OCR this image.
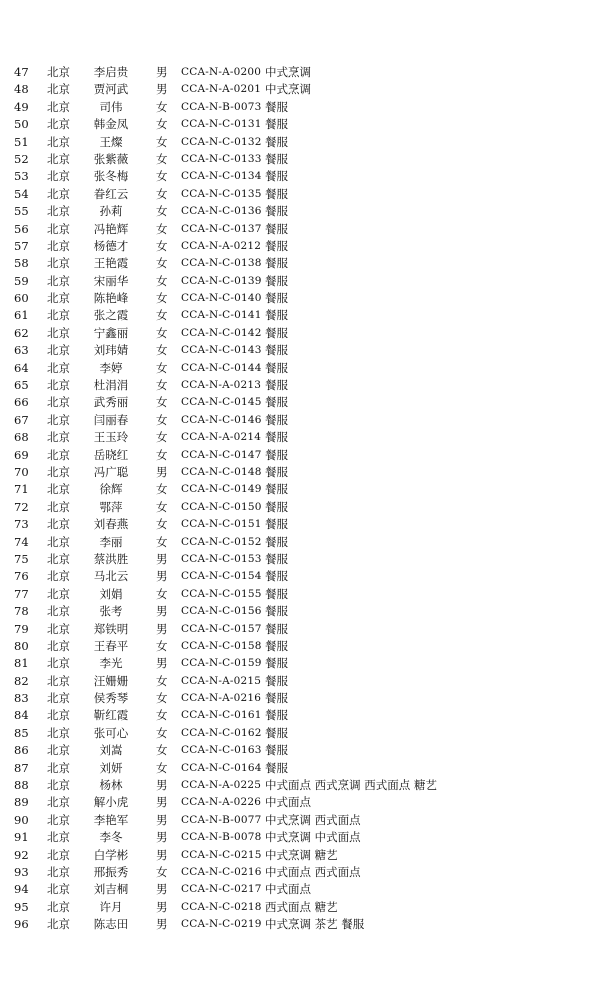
47	北京	李启贵	男	CCA-N-A-0200 中式烹调
48	北京	贾河武	男	CCA-N-A-0201 中式烹调
49	北京	司伟	女	CCA-N-B-0073 餐服
50	北京	韩金凤	女	CCA-N-C-0131 餐服
51	北京	王燦	女	CCA-N-C-0132 餐服
52	北京	张紫薇	女	CCA-N-C-0133 餐服
53	北京	张冬梅	女	CCA-N-C-0134 餐服
54	北京	眷红云	女	CCA-N-C-0135 餐服
55	北京	孙莉	女	CCA-N-C-0136 餐服
56	北京	冯艳辉	女	CCA-N-C-0137 餐服
57	北京	杨德才	女	CCA-N-A-0212 餐服
58	北京	王艳霞	女	CCA-N-C-0138 餐服
59	北京	宋丽华	女	CCA-N-C-0139 餐服
60	北京	陈艳峰	女	CCA-N-C-0140 餐服
61	北京	张之霞	女	CCA-N-C-0141 餐服
62	北京	宁鑫丽	女	CCA-N-C-0142 餐服
63	北京	刘玮婧	女	CCA-N-C-0143 餐服
64	北京	李婷	女	CCA-N-C-0144 餐服
65	北京	杜涓涓	女	CCA-N-A-0213 餐服
66	北京	武秀丽	女	CCA-N-C-0145 餐服
67	北京	闫丽春	女	CCA-N-C-0146 餐服
68	北京	王玉玲	女	CCA-N-A-0214 餐服
69	北京	岳晓红	女	CCA-N-C-0147 餐服
70	北京	冯广聪	男	CCA-N-C-0148 餐服
71	北京	徐辉	女	CCA-N-C-0149 餐服
72	北京	鄂萍	女	CCA-N-C-0150 餐服
73	北京	刘春燕	女	CCA-N-C-0151 餐服
74	北京	李丽	女	CCA-N-C-0152 餐服
75	北京	蔡洪胜	男	CCA-N-C-0153 餐服
76	北京	马北云	男	CCA-N-C-0154 餐服
77	北京	刘娟	女	CCA-N-C-0155 餐服
78	北京	张考	男	CCA-N-C-0156 餐服
79	北京	郑铁明	男	CCA-N-C-0157 餐服
80	北京	王春平	女	CCA-N-C-0158 餐服
81	北京	李光	男	CCA-N-C-0159 餐服
82	北京	汪姗姗	女	CCA-N-A-0215 餐服
83	北京	侯秀琴	女	CCA-N-A-0216 餐服
84	北京	靳红霞	女	CCA-N-C-0161 餐服
85	北京	张可心	女	CCA-N-C-0162 餐服
86	北京	刘嵩	女	CCA-N-C-0163 餐服
87	北京	刘妍	女	CCA-N-C-0164 餐服
88	北京	杨林	男	CCA-N-A-0225 中式面点 西式烹调 西式面点 糖艺
89	北京	解小虎	男	CCA-N-A-0226 中式面点
90	北京	李艳军	男	CCA-N-B-0077 中式烹调 西式面点
91	北京	李冬	男	CCA-N-B-0078 中式烹调 中式面点
92	北京	白学彬	男	CCA-N-C-0215 中式烹调 糖艺
93	北京	邢振秀	女	CCA-N-C-0216 中式面点 西式面点
94	北京	刘吉桐	男	CCA-N-C-0217 中式面点
95	北京	许月	男	CCA-N-C-0218 西式面点 糖艺
96	北京	陈志田	男	CCA-N-C-0219 中式烹调 茶艺 餐服
